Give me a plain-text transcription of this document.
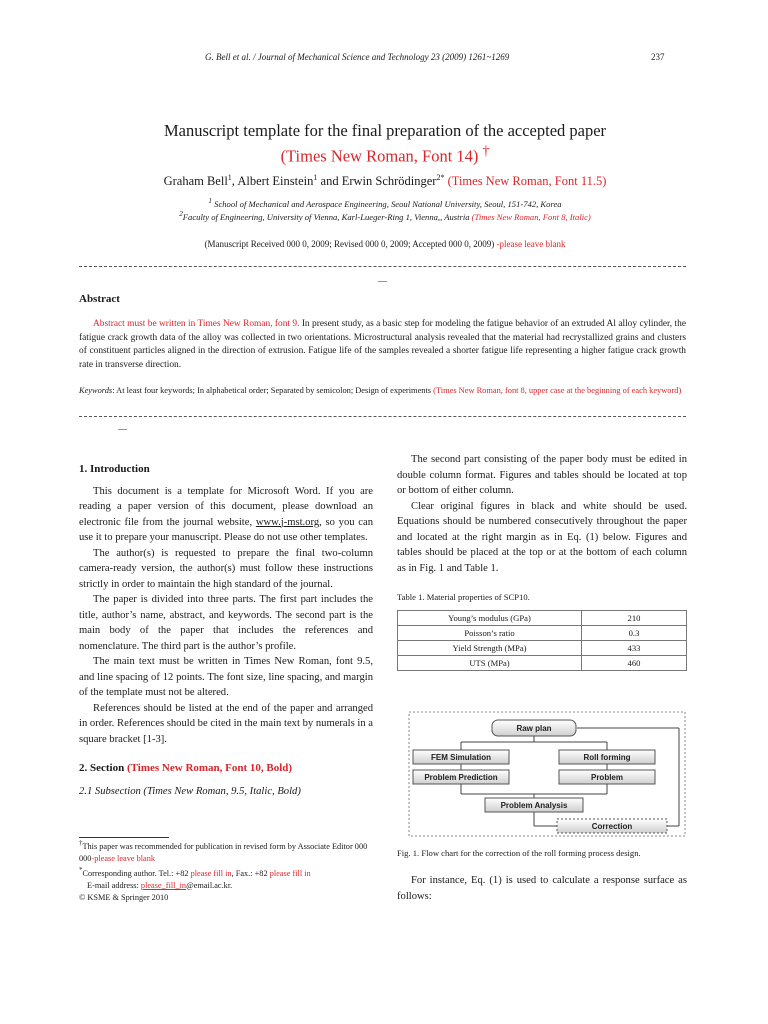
G. Bell et al. / Journal of Mechanical Science and Technology 23 (2009) 1261~1269	237
Manuscript template for the final preparation of the accepted paper
(Times New Roman, Font 14) †
Graham Bell$^1$, Albert Einstein$^1$ and Erwin Schrödinger$^{2*}$ (Times New Roman, Font 11.5)
$^1$ School of Mechanical and Aerospace Engineering, Seoul National University, Seoul, 151-742, Korea
$^2$Faculty of Engineering, University of Vienna, Karl-Lueger-Ring 1, Vienna,, Austria (Times New Roman, Font 8, Italic)
(Manuscript Received 000 0, 2009; Revised 000 0, 2009; Accepted 000 0, 2009) -please leave blank
—
Abstract
Abstract must be written in Times New Roman, font 9. In present study, as a basic step for modeling the fatigue behavior of an extruded Al alloy cylinder, the fatigue crack growth data of the alloy was collected in two orientations. Microstructural analysis revealed that the material had recrystallized grains and clusters of constituent particles aligned in the direction of extrusion. Fatigue life of the samples revealed a shorter fatigue life representing a higher fatigue crack growth rate in transverse direction.
Keywords: At least four keywords; In alphabetical order; Separated by semicolon; Design of experiments (Times New Roman, font 8, upper case at the beginning of each keyword)
—
1. Introduction

This document is a template for Microsoft Word. If you are reading a paper version of this document, please download an electronic file from the journal website, www.j-mst.org, so you can use it to prepare your manuscript. Please do not use other templates.

The author(s) is requested to prepare the final two-column camera-ready version, the author(s) must follow these instructions strictly in order to maintain the high standard of the journal.

The paper is divided into three parts. The first part includes the title, author’s name, abstract, and keywords. The second part is the main body of the paper that includes the references and nomenclature. The third part is the author’s profile.

The main text must be written in Times New Roman, font 9.5, and line spacing of 12 points. The font size, line spacing, and margin of the template must not be altered.

References should be listed at the end of the paper and arranged in order. References should be cited in the main text by numerals in a square bracket [1-3].

2. Section (Times New Roman, Font 10, Bold)
2.1 Subsection (Times New Roman, 9.5, Italic, Bold)
†This paper was recommended for publication in revised form by Associate Editor 000 000-please leave blank
*Corresponding author. Tel.: +82 please fill in, Fax.: +82 please fill in
E-mail address: please_fill_in@email.ac.kr.
© KSME & Springer 2010

The second part consisting of the paper body must be edited in double column format. Figures and tables should be located at top or bottom of either column.

Clear original figures in black and white should be used. Equations should be numbered consecutively throughout the paper and located at the right margin as in Eq. (1) below. Figures and tables should be placed at the top or at the bottom of each column as in Fig. 1 and Table 1.

Table 1. Material properties of SCP10.
Young’s modulus (GPa)	210
Poisson’s ratio	0.3
Yield Strength (MPa)	433
UTS (MPa)	460
Raw plan
FEM Simulation	Roll forming
Problem Prediction	Problem
Problem Analysis
Correction
Fig. 1. Flow chart for the correction of the roll forming process design.

For instance, Eq. (1) is used to calculate a response surface as follows:
